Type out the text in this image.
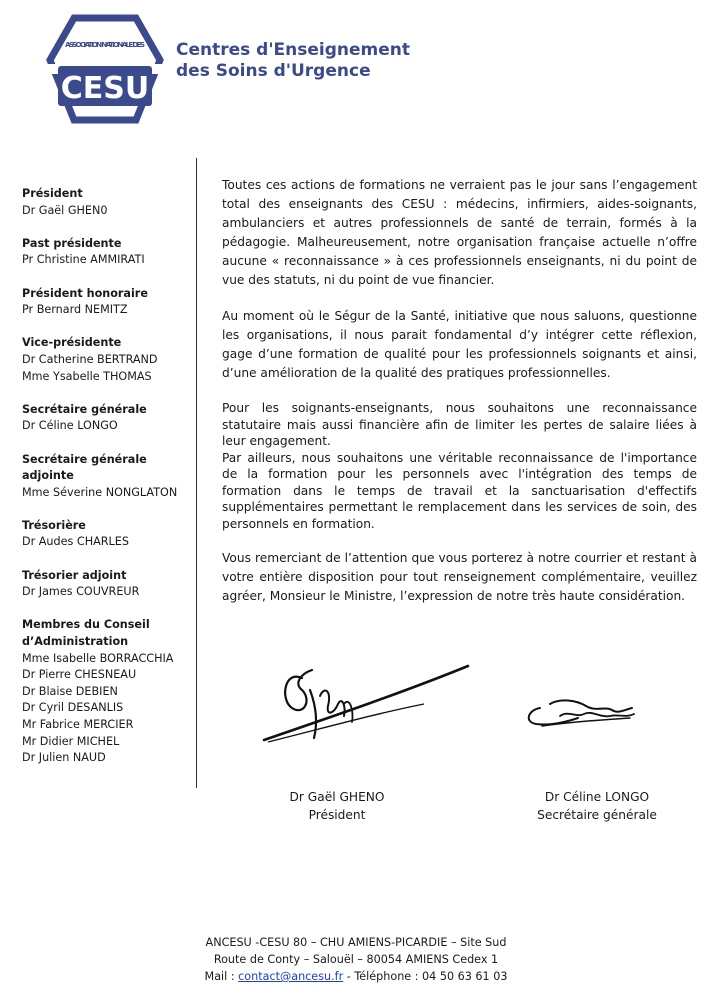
ASSOCIATION NATIONALE DES
CESU
Centres d'Enseignement
des Soins d'Urgence
Président
Dr Gaël GHEN0
Past présidente
Pr Christine AMMIRATI
Président honoraire
Pr Bernard NEMITZ
Vice-présidente
Dr Catherine BERTRAND
Mme Ysabelle THOMAS
Secrétaire générale
Dr Céline LONGO
Secrétaire générale adjointe
Mme Séverine NONGLATON
Trésorière
Dr Audes CHARLES
Trésorier adjoint
Dr James COUVREUR
Membres du Conseil
d’Administration
Mme Isabelle BORRACCHIA
Dr Pierre CHESNEAU
Dr Blaise DEBIEN
Dr Cyril DESANLIS
Mr Fabrice MERCIER
Mr Didier MICHEL
Dr Julien NAUD

Toutes ces actions de formations ne verraient pas le jour sans l’engagement total des enseignants des CESU : médecins, infirmiers, aides-soignants, ambulanciers et autres professionnels de santé de terrain, formés à la pédagogie. Malheureusement, notre organisation française actuelle n’offre aucune « reconnaissance » à ces professionnels enseignants, ni du point de vue des statuts, ni du point de vue financier.

Au moment où le Ségur de la Santé, initiative que nous saluons, questionne les organisations, il nous parait fondamental d’y intégrer cette réflexion, gage d’une formation de qualité pour les professionnels soignants et ainsi, d’une amélioration de la qualité des pratiques professionnelles.

Pour les soignants-enseignants, nous souhaitons une reconnaissance statutaire mais aussi financière afin de limiter les pertes de salaire liées à leur engagement.

Par ailleurs, nous souhaitons une véritable reconnaissance de l'importance de la formation pour les personnels avec l'intégration des temps de formation dans le temps de travail et la sanctuarisation d'effectifs supplémentaires permettant le remplacement dans les services de soin, des personnels en formation.

Vous remerciant de l’attention que vous porterez à notre courrier et restant à votre entière disposition pour tout renseignement complémentaire, veuillez agréer, Monsieur le Ministre, l’expression de notre très haute considération.

Dr Gaël GHENO
Président
Dr Céline LONGO
Secrétaire générale
ANCESU -CESU 80 – CHU AMIENS-PICARDIE – Site Sud
Route de Conty – Salouël – 80054 AMIENS Cedex 1
Mail : contact@ancesu.fr - Téléphone : 04 50 63 61 03
